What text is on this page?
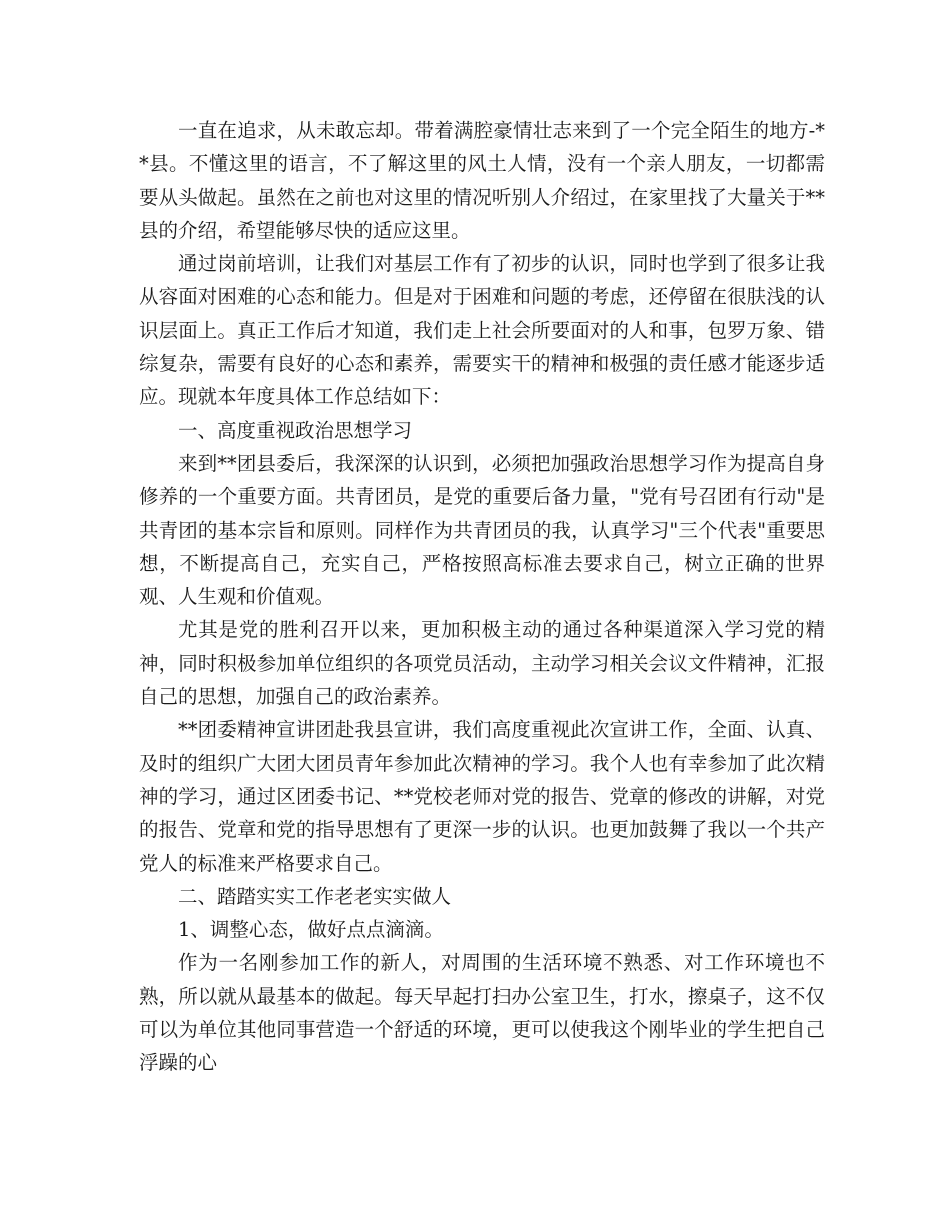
一直在追求，从未敢忘却。带着满腔豪情壮志来到了一个完全陌生的地方-**县。不懂这里的语言，不了解这里的风土人情，没有一个亲人朋友，一切都需要从头做起。虽然在之前也对这里的情况听别人介绍过，在家里找了大量关于**县的介绍，希望能够尽快的适应这里。

通过岗前培训，让我们对基层工作有了初步的认识，同时也学到了很多让我从容面对困难的心态和能力。但是对于困难和问题的考虑，还停留在很肤浅的认识层面上。真正工作后才知道，我们走上社会所要面对的人和事，包罗万象、错综复杂，需要有良好的心态和素养，需要实干的精神和极强的责任感才能逐步适应。现就本年度具体工作总结如下：

一、高度重视政治思想学习

来到**团县委后，我深深的认识到，必须把加强政治思想学习作为提高自身修养的一个重要方面。共青团员，是党的重要后备力量，"党有号召团有行动"是共青团的基本宗旨和原则。同样作为共青团员的我，认真学习"三个代表"重要思想，不断提高自己，充实自己，严格按照高标准去要求自己，树立正确的世界观、人生观和价值观。

尤其是党的胜利召开以来，更加积极主动的通过各种渠道深入学习党的精神，同时积极参加单位组织的各项党员活动，主动学习相关会议文件精神，汇报自己的思想，加强自己的政治素养。

**团委精神宣讲团赴我县宣讲，我们高度重视此次宣讲工作，全面、认真、及时的组织广大团大团员青年参加此次精神的学习。我个人也有幸参加了此次精神的学习，通过区团委书记、**党校老师对党的报告、党章的修改的讲解，对党的报告、党章和党的指导思想有了更深一步的认识。也更加鼓舞了我以一个共产党人的标准来严格要求自己。

二、踏踏实实工作老老实实做人

1、调整心态，做好点点滴滴。

作为一名刚参加工作的新人，对周围的生活环境不熟悉、对工作环境也不熟，所以就从最基本的做起。每天早起打扫办公室卫生，打水，擦桌子，这不仅可以为单位其他同事营造一个舒适的环境，更可以使我这个刚毕业的学生把自己浮躁的心
